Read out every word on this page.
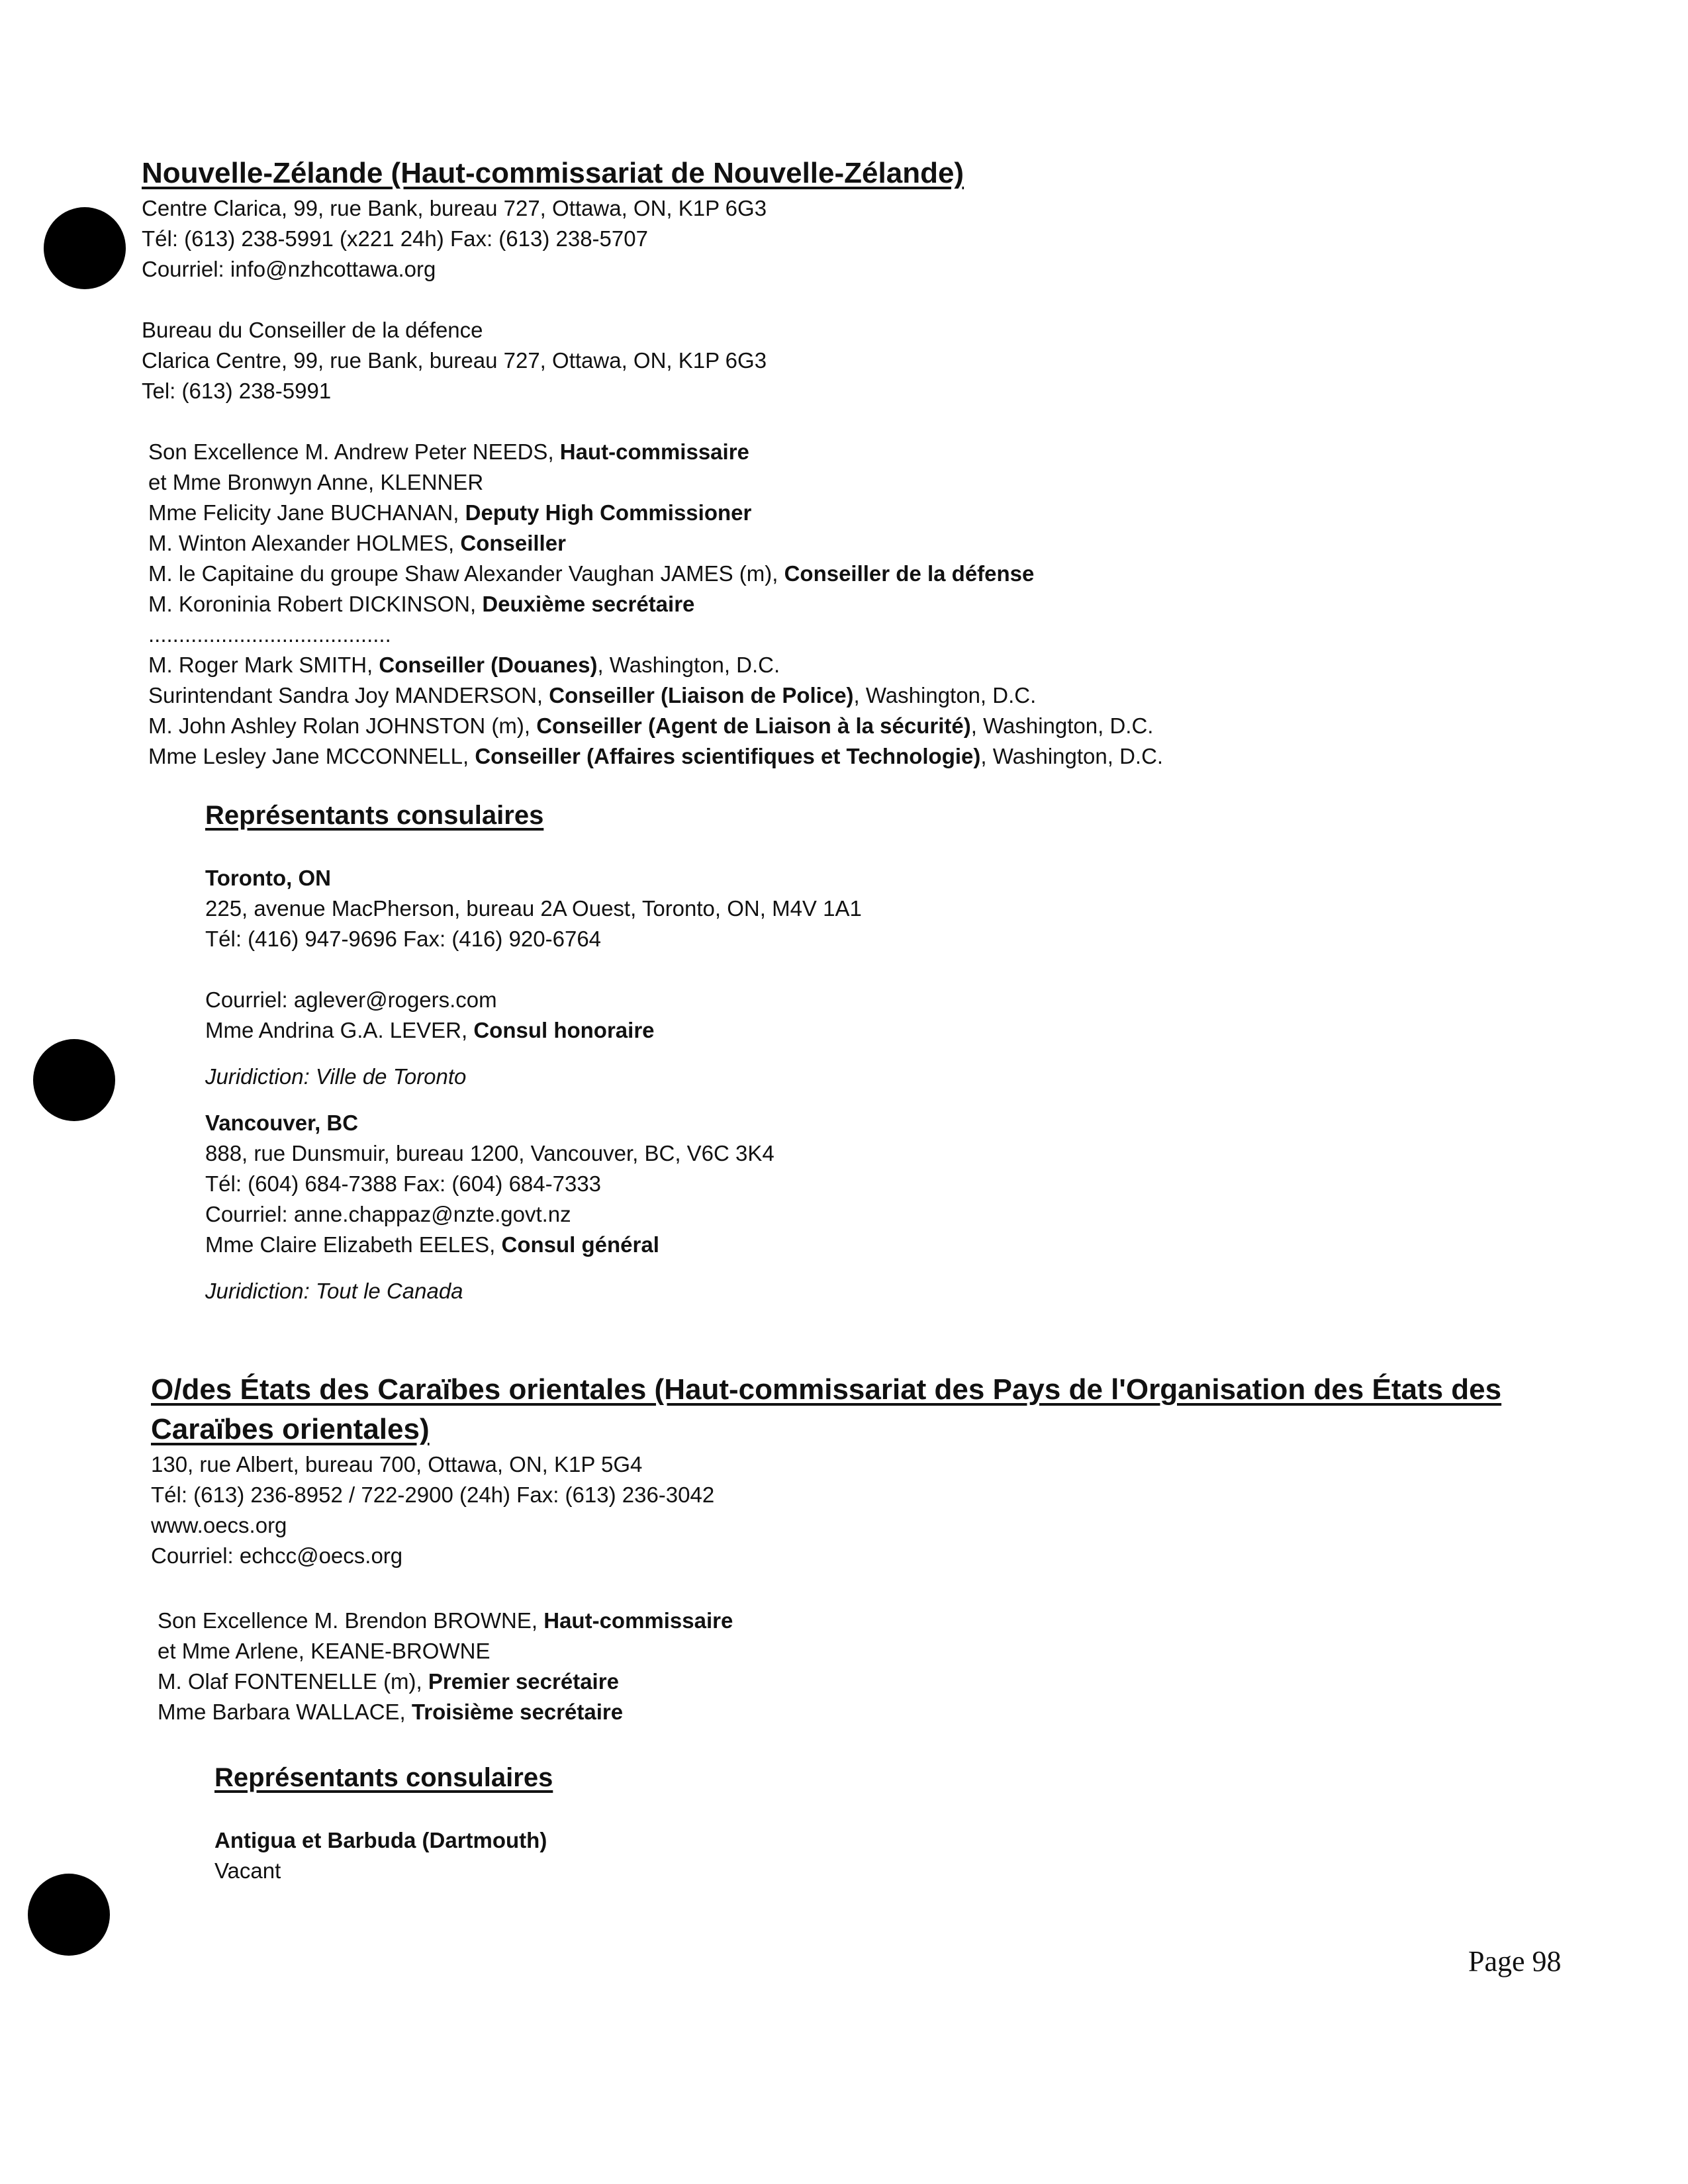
Nouvelle-Zélande (Haut-commissariat de Nouvelle-Zélande)
Centre Clarica, 99, rue Bank, bureau 727, Ottawa, ON, K1P 6G3
Tél: (613) 238-5991 (x221 24h) Fax: (613) 238-5707
Courriel: info@nzhcottawa.org
Bureau du Conseiller de la défence
Clarica Centre, 99, rue Bank, bureau 727, Ottawa, ON, K1P 6G3
Tel: (613) 238-5991
Son Excellence M. Andrew Peter NEEDS, Haut-commissaire
et Mme Bronwyn Anne, KLENNER
Mme Felicity Jane BUCHANAN, Deputy High Commissioner
M. Winton Alexander HOLMES, Conseiller
M. le Capitaine du groupe Shaw Alexander Vaughan JAMES (m), Conseiller de la défense
M. Koroninia Robert DICKINSON, Deuxième secrétaire
........................................
M. Roger Mark SMITH, Conseiller (Douanes), Washington, D.C.
Surintendant Sandra Joy MANDERSON, Conseiller (Liaison de Police), Washington, D.C.
M. John Ashley Rolan JOHNSTON (m), Conseiller (Agent de Liaison à la sécurité), Washington, D.C.
Mme Lesley Jane MCCONNELL, Conseiller (Affaires scientifiques et Technologie), Washington, D.C.
Représentants consulaires
Toronto, ON
225, avenue MacPherson, bureau 2A Ouest, Toronto, ON, M4V 1A1
Tél: (416) 947-9696 Fax: (416) 920-6764
Courriel: aglever@rogers.com
Mme Andrina G.A. LEVER, Consul honoraire
Juridiction: Ville de Toronto
Vancouver, BC
888, rue Dunsmuir, bureau 1200, Vancouver, BC, V6C 3K4
Tél: (604) 684-7388 Fax: (604) 684-7333
Courriel: anne.chappaz@nzte.govt.nz
Mme Claire Elizabeth EELES, Consul général
Juridiction: Tout le Canada
O/des États des Caraïbes orientales (Haut-commissariat des Pays de l'Organisation des États des
Caraïbes orientales)
130, rue Albert, bureau 700, Ottawa, ON, K1P 5G4
Tél: (613) 236-8952 / 722-2900 (24h) Fax: (613) 236-3042
www.oecs.org
Courriel: echcc@oecs.org
Son Excellence M. Brendon BROWNE, Haut-commissaire
et Mme Arlene, KEANE-BROWNE
M. Olaf FONTENELLE (m), Premier secrétaire
Mme Barbara WALLACE, Troisième secrétaire
Représentants consulaires
Antigua et Barbuda (Dartmouth)
Vacant
Page 98
